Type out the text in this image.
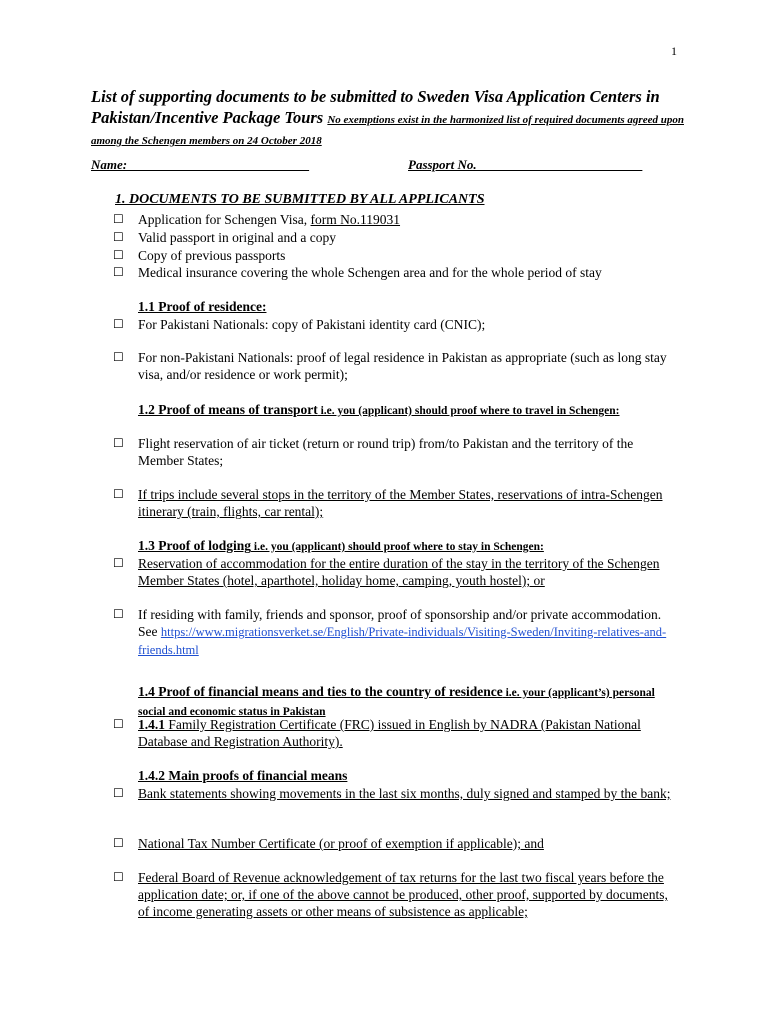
1
List of supporting documents to be submitted to Sweden Visa Application Centers in Pakistan/Incentive Package Tours No exemptions exist in the harmonized list of required documents agreed upon among the Schengen members on 24 October 2018
Name:____________________________	Passport No.________________________ _
1. DOCUMENTS TO BE SUBMITTED BY ALL APPLICANTS
☐ Application for Schengen Visa, form No.119031
☐ Valid passport in original and a copy
☐ Copy of previous passports
☐ Medical insurance covering the whole Schengen area and for the whole period of stay
1.1 Proof of residence:
☐ For Pakistani Nationals: copy of Pakistani identity card (CNIC);
☐ For non-Pakistani Nationals: proof of legal residence in Pakistan as appropriate (such as long stay visa, and/or residence or work permit);
1.2 Proof of means of transport i.e. you (applicant) should proof where to travel in Schengen:
☐ Flight reservation of air ticket (return or round trip) from/to Pakistan and the territory of the Member States;
☐ If trips include several stops in the territory of the Member States, reservations of intra-Schengen itinerary (train, flights, car rental);
1.3 Proof of lodging i.e. you (applicant) should proof where to stay in Schengen:
☐ Reservation of accommodation for the entire duration of the stay in the territory of the Schengen Member States (hotel, aparthotel, holiday home, camping, youth hostel); or
☐ If residing with family, friends and sponsor, proof of sponsorship and/or private accommodation. See https://www.migrationsverket.se/English/Private-individuals/Visiting-Sweden/Inviting-relatives-and-friends.html
1.4 Proof of financial means and ties to the country of residence i.e. your (applicant’s) personal social and economic status in Pakistan
☐ 1.4.1 Family Registration Certificate (FRC) issued in English by NADRA (Pakistan National Database and Registration Authority).
1.4.2 Main proofs of financial means
☐ Bank statements showing movements in the last six months, duly signed and stamped by the bank;
☐ National Tax Number Certificate (or proof of exemption if applicable); and
☐ Federal Board of Revenue acknowledgement of tax returns for the last two fiscal years before the application date; or, if one of the above cannot be produced, other proof, supported by documents, of income generating assets or other means of subsistence as applicable;
